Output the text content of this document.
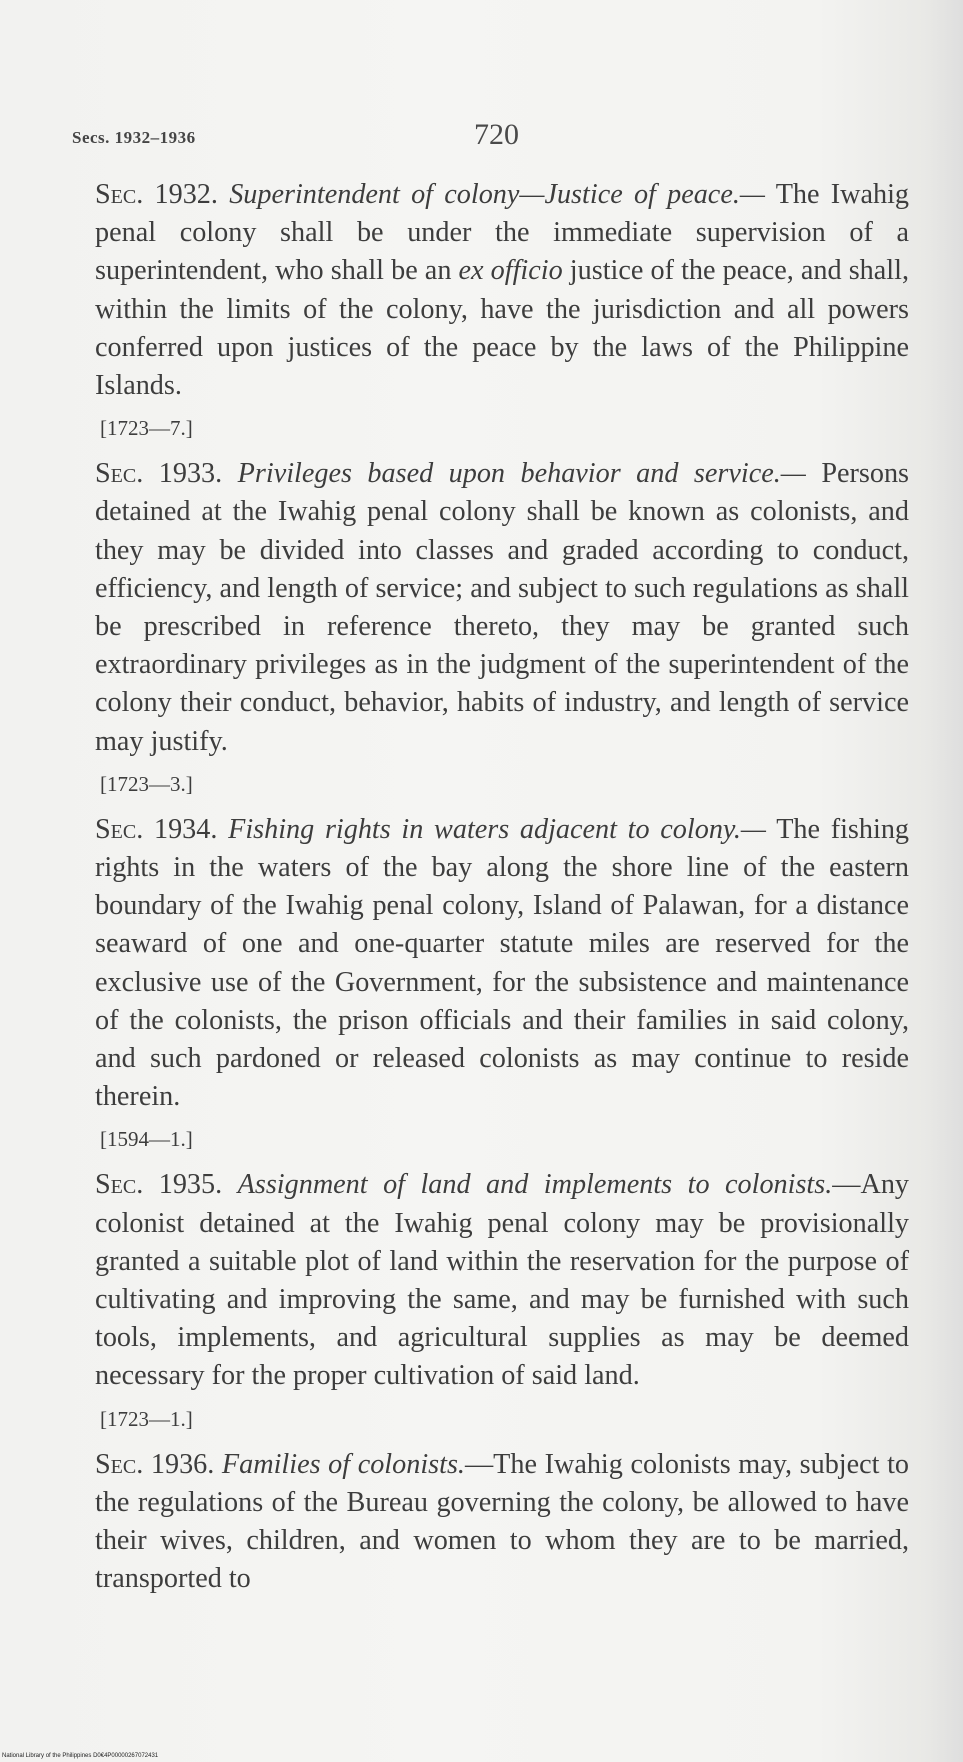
Secs. 1932–1936	720

Sec. 1932. Superintendent of colony—Justice of peace.— The Iwahig penal colony shall be under the immediate supervision of a superintendent, who shall be an ex officio justice of the peace, and shall, within the limits of the colony, have the jurisdiction and all powers conferred upon justices of the peace by the laws of the Philippine Islands.

[1723—7.]

Sec. 1933. Privileges based upon behavior and service.— Persons detained at the Iwahig penal colony shall be known as colonists, and they may be divided into classes and graded according to conduct, efficiency, and length of service; and subject to such regulations as shall be prescribed in reference thereto, they may be granted such extraordinary privileges as in the judgment of the superintendent of the colony their conduct, behavior, habits of industry, and length of service may justify.

[1723—3.]

Sec. 1934. Fishing rights in waters adjacent to colony.— The fishing rights in the waters of the bay along the shore line of the eastern boundary of the Iwahig penal colony, Island of Palawan, for a distance seaward of one and one-quarter statute miles are reserved for the exclusive use of the Government, for the subsistence and maintenance of the colonists, the prison officials and their families in said colony, and such pardoned or released colonists as may continue to reside therein.

[1594—1.]

Sec. 1935. Assignment of land and implements to colonists.—Any colonist detained at the Iwahig penal colony may be provisionally granted a suitable plot of land within the reservation for the purpose of cultivating and improving the same, and may be furnished with such tools, implements, and agricultural supplies as may be deemed necessary for the proper cultivation of said land.

[1723—1.]

Sec. 1936. Families of colonists.—The Iwahig colonists may, subject to the regulations of the Bureau governing the colony, be allowed to have their wives, children, and women to whom they are to be married, transported to

National Library of the Philippines D0€4P00000267072431
